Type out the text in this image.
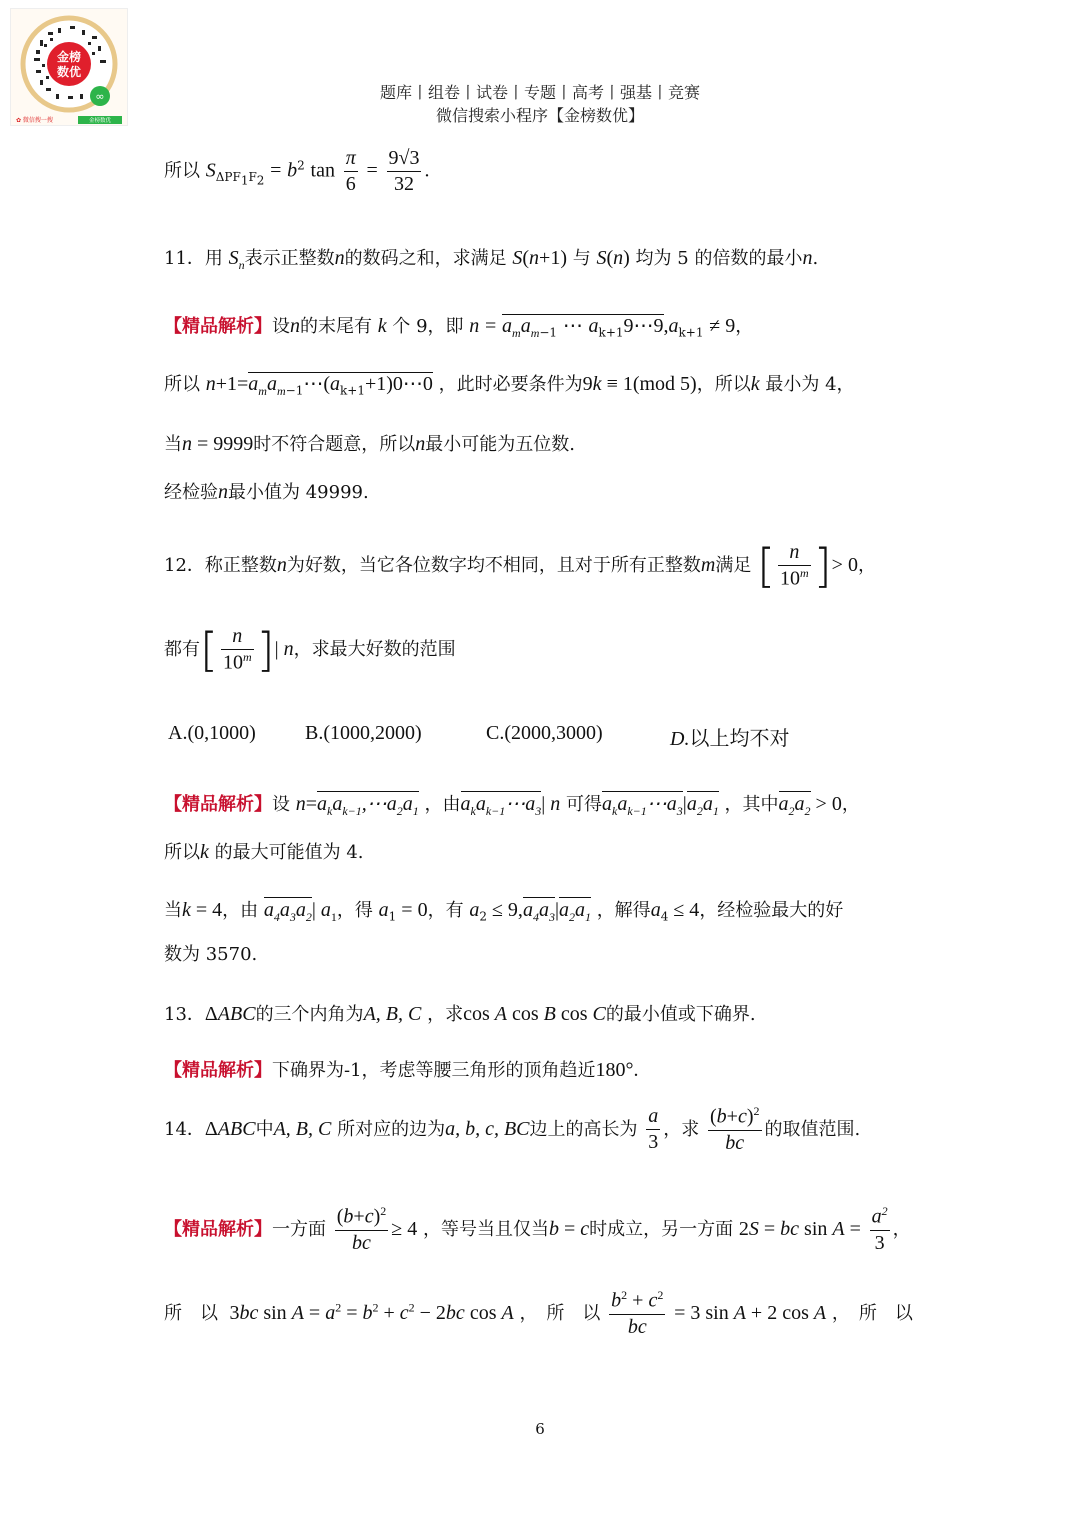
金榜
数优
∞
✿ 微信搜一搜	金榜数优
题库丨组卷丨试卷丨专题丨高考丨强基丨竞赛
微信搜索小程序【金榜数优】
所以 $S_{\Delta PF_1F_2} = b^2$ $\tan \frac{\pi}{6} = \frac{9√3}{32}$ .
11．用 $S_n$表示正整数n的数码之和，求满足 S(n+1) 与 S(n) 均为 5 的倍数的最小n.
【精品解析】设n的末尾有 k 个 9，即 $n = a_ma_{m-1}$ ⋯ $a_{k+1}9\cdots 9,a_{k+1} \ne 9$，
所以 $n+1=a_ma_{m-1}\cdots(a_{k+1}+1)0\cdots 0$ ，此时必要条件为9k ≡ 1(mod 5)，所以k 最小为 4，
当n = 9999时不符合题意，所以n最小可能为五位数.
经检验n最小值为 49999.
12．称正整数n为好数，当它各位数字均不相同，且对于所有正整数m满足 [ $\frac{n}{10^m}$ ]> 0，
都有[ $\frac{n}{10^m}$ ]| n，求最大好数的范围
A.(0,1000) B.(1000,2000)	C.(2000,3000)	D.以上均不对
【精品解析】设 $n=a_ka_{k-1},\cdots a_2a_1$ ，由$a_ka_{k-1}\cdots a_3|$ n 可得$a_ka_{k-1}\cdots a_3|a_2a_1$ ，其中$a_2a_2 > 0$，
所以k 的最大可能值为 4.
当k = 4，由 $a_4a_3a_2|$ $a_1$，得 $a_1 = 0$，有 $a_2 \le 9,a_4a_3|a_2a_1$ ，解得$a_4 \le 4$，经检验最大的好
数为 3570.
13．ΔABC的三个内角为A, B, C ，求cos A cos B cos C的最小值或下确界.
【精品解析】下确界为-1，考虑等腰三角形的顶角趋近180°.
14．ΔABC中A, B, C 所对应的边为a, b, c, BC边上的高长为 $\frac{a}{3}$ ，求 $\frac{(b+c)^2}{bc}$ 的取值范围.
【精品解析】一方面 $\frac{(b+c)^2}{bc} \ge 4$ ，等号当且仅当b = c时成立，另一方面 2S = bc $\sin A = \frac{a^2}{3}$ ，
所　以 3bc $\sin A = a^2 = b^2 + c^2 - 2bc$ cos A ，　所　以 $\frac{b^2 + c^2}{bc} = 3$ sin A + 2 cos A ，　所　以
6
